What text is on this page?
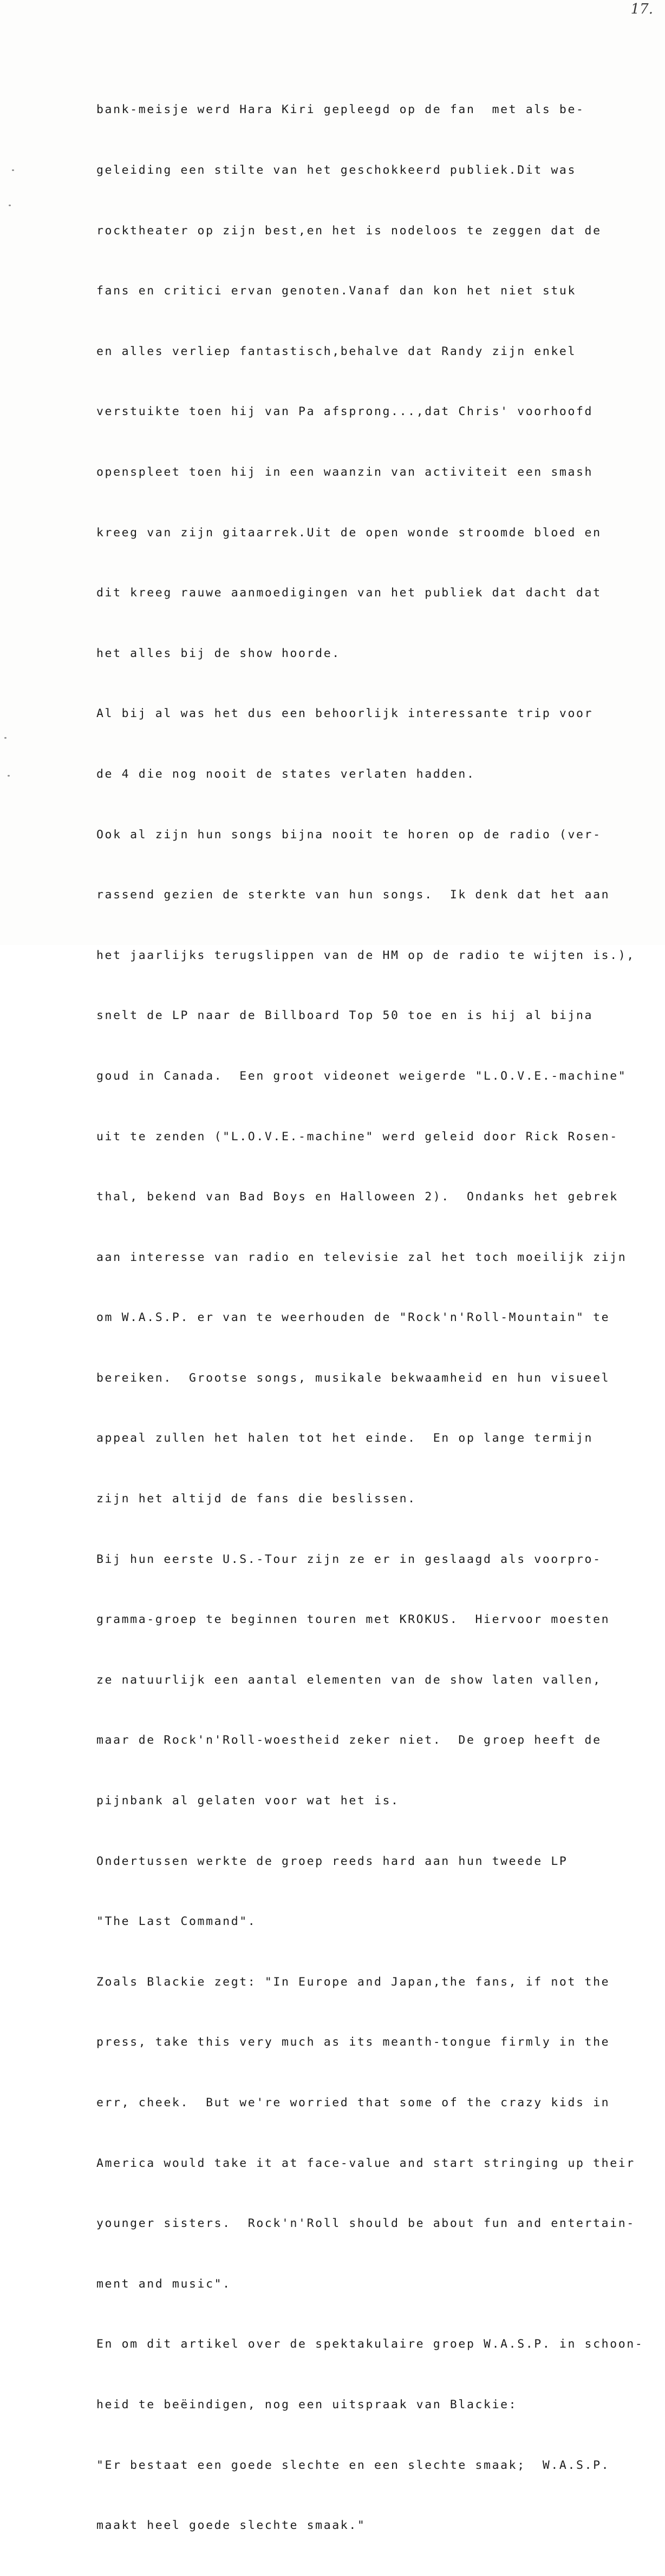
17.

bank-meisje werd Hara Kiri gepleegd op de fan  met als be-

geleiding een stilte van het geschokkeerd publiek.Dit was

rocktheater op zijn best,en het is nodeloos te zeggen dat de

fans en critici ervan genoten.Vanaf dan kon het niet stuk

en alles verliep fantastisch,behalve dat Randy zijn enkel

verstuikte toen hij van Pa afsprong...,dat Chris' voorhoofd

openspleet toen hij in een waanzin van activiteit een smash

kreeg van zijn gitaarrek.Uit de open wonde stroomde bloed en

dit kreeg rauwe aanmoedigingen van het publiek dat dacht dat

het alles bij de show hoorde.

Al bij al was het dus een behoorlijk interessante trip voor

de 4 die nog nooit de states verlaten hadden.

Ook al zijn hun songs bijna nooit te horen op de radio (ver-

rassend gezien de sterkte van hun songs.  Ik denk dat het aan

het jaarlijks terugslippen van de HM op de radio te wijten is.),

snelt de LP naar de Billboard Top 50 toe en is hij al bijna

goud in Canada.  Een groot videonet weigerde "L.O.V.E.-machine"

uit te zenden ("L.O.V.E.-machine" werd geleid door Rick Rosen-

thal, bekend van Bad Boys en Halloween 2).  Ondanks het gebrek

aan interesse van radio en televisie zal het toch moeilijk zijn

om W.A.S.P. er van te weerhouden de "Rock'n'Roll-Mountain" te

bereiken.  Grootse songs, musikale bekwaamheid en hun visueel

appeal zullen het halen tot het einde.  En op lange termijn

zijn het altijd de fans die beslissen.

Bij hun eerste U.S.-Tour zijn ze er in geslaagd als voorpro-

gramma-groep te beginnen touren met KROKUS.  Hiervoor moesten

ze natuurlijk een aantal elementen van de show laten vallen,

maar de Rock'n'Roll-woestheid zeker niet.  De groep heeft de

pijnbank al gelaten voor wat het is.

Ondertussen werkte de groep reeds hard aan hun tweede LP

"The Last Command".

Zoals Blackie zegt: "In Europe and Japan,the fans, if not the

press, take this very much as its meanth-tongue firmly in the

err, cheek.  But we're worried that some of the crazy kids in

America would take it at face-value and start stringing up their

younger sisters.  Rock'n'Roll should be about fun and entertain-

ment and music".

En om dit artikel over de spektakulaire groep W.A.S.P. in schoon-

heid te beëindigen, nog een uitspraak van Blackie:

"Er bestaat een goede slechte en een slechte smaak;  W.A.S.P.

maakt heel goede slechte smaak."
